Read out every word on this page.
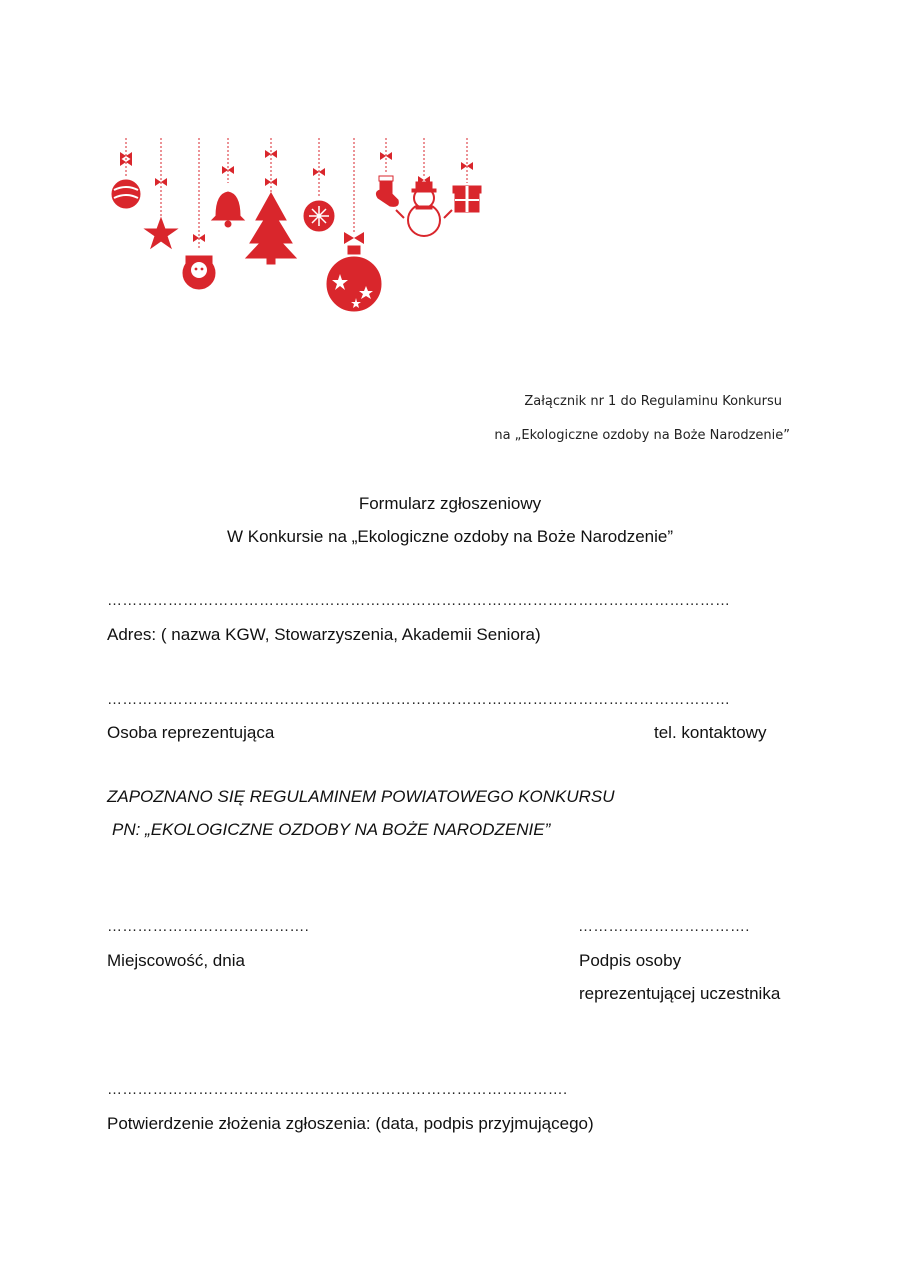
Załącznik nr 1 do Regulaminu Konkursu

na „Ekologiczne ozdoby na Boże Narodzenie”

Formularz zgłoszeniowy

W Konkursie na „Ekologiczne ozdoby na Boże Narodzenie”

……………………………………………………………………………………………………………

Adres: ( nazwa KGW, Stowarzyszenia, Akademii Seniora)

……………………………………………………………………………………………………………

Osoba reprezentująca	tel. kontaktowy

ZAPOZNANO SIĘ REGULAMINEM POWIATOWEGO KONKURSU

PN: „EKOLOGICZNE OZDOBY NA BOŻE NARODZENIE”

………………………………….

Miejscowość, dnia

…………………………….

Podpis osoby

reprezentującej uczestnika

……………………………………………………………………………….

Potwierdzenie złożenia zgłoszenia: (data, podpis przyjmującego)
